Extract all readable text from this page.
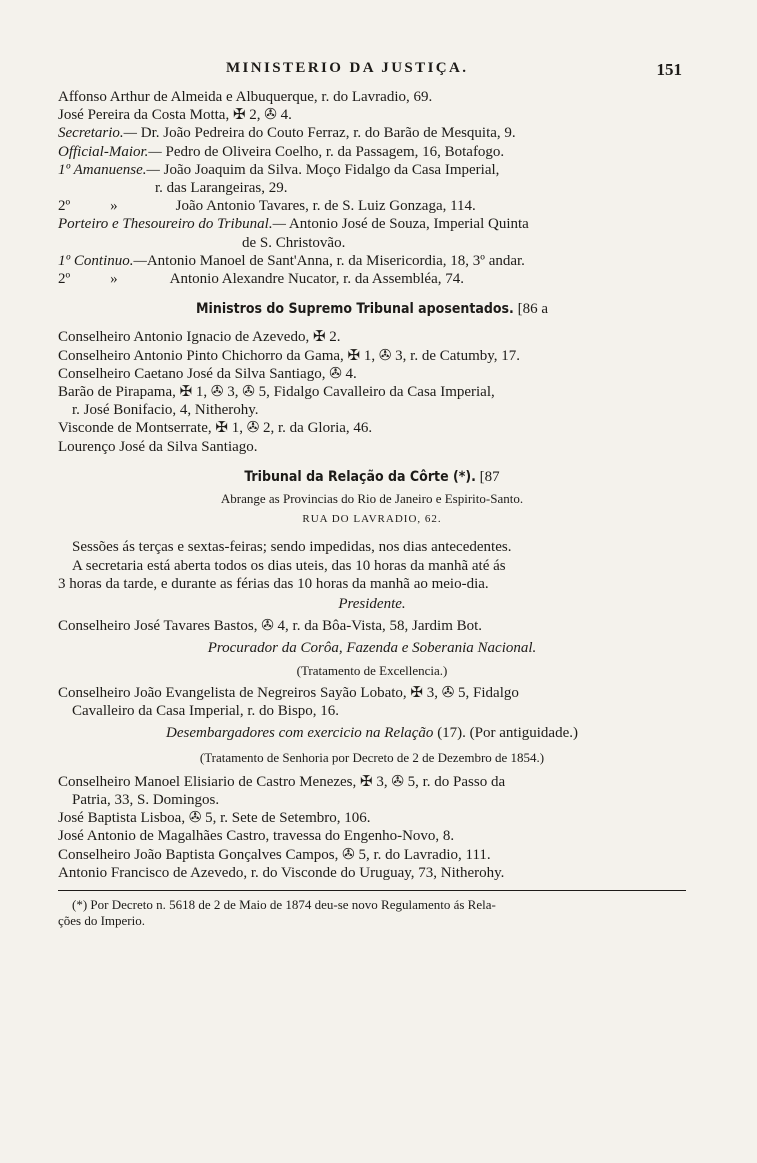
MINISTERIO DA JUSTIÇA.	151
Affonso Arthur de Almeida e Albuquerque, r. do Lavradio, 69.
José Pereira da Costa Motta, ✠ 2, ✇ 4.
Secretario.— Dr. João Pedreira do Couto Ferraz, r. do Barão de Mesquita, 9.
Official-Maior.— Pedro de Oliveira Coelho, r. da Passagem, 16, Botafogo.
1º Amanuense.— João Joaquim da Silva. Moço Fidalgo da Casa Imperial,
r. das Larangeiras, 29.
2º	»	João Antonio Tavares, r. de S. Luiz Gonzaga, 114.
Porteiro e Thesoureiro do Tribunal.— Antonio José de Souza, Imperial Quinta
de S. Christovão.
1º Continuo.—Antonio Manoel de Sant'Anna, r. da Misericordia, 18, 3º andar.
2º	»	Antonio Alexandre Nucator, r. da Assembléa, 74.
Ministros do Supremo Tribunal aposentados. [86 a
Conselheiro Antonio Ignacio de Azevedo, ✠ 2.
Conselheiro Antonio Pinto Chichorro da Gama, ✠ 1, ✇ 3, r. de Catumby, 17.
Conselheiro Caetano José da Silva Santiago, ✇ 4.
Barão de Pirapama, ✠ 1, ✇ 3, ✇ 5, Fidalgo Cavalleiro da Casa Imperial,
r. José Bonifacio, 4, Nitherohy.
Visconde de Montserrate, ✠ 1, ✇ 2, r. da Gloria, 46.
Lourenço José da Silva Santiago.
Tribunal da Relação da Côrte (*). [87
Abrange as Provincias do Rio de Janeiro e Espirito-Santo.
RUA DO LAVRADIO, 62.
Sessões ás terças e sextas-feiras; sendo impedidas, nos dias antecedentes.
A secretaria está aberta todos os dias uteis, das 10 horas da manhã até ás
3 horas da tarde, e durante as férias das 10 horas da manhã ao meio-dia.
Presidente.
Conselheiro José Tavares Bastos, ✇ 4, r. da Bôa-Vista, 58, Jardim Bot.
Procurador da Corôa, Fazenda e Soberania Nacional.
(Tratamento de Excellencia.)
Conselheiro João Evangelista de Negreiros Sayão Lobato, ✠ 3, ✇ 5, Fidalgo
Cavalleiro da Casa Imperial, r. do Bispo, 16.
Desembargadores com exercicio na Relação (17). (Por antiguidade.)
(Tratamento de Senhoria por Decreto de 2 de Dezembro de 1854.)
Conselheiro Manoel Elisiario de Castro Menezes, ✠ 3, ✇ 5, r. do Passo da
Patria, 33, S. Domingos.
José Baptista Lisboa, ✇ 5, r. Sete de Setembro, 106.
José Antonio de Magalhães Castro, travessa do Engenho-Novo, 8.
Conselheiro João Baptista Gonçalves Campos, ✇ 5, r. do Lavradio, 111.
Antonio Francisco de Azevedo, r. do Visconde do Uruguay, 73, Nitherohy.
(*) Por Decreto n. 5618 de 2 de Maio de 1874 deu-se novo Regulamento ás Rela-
ções do Imperio.
